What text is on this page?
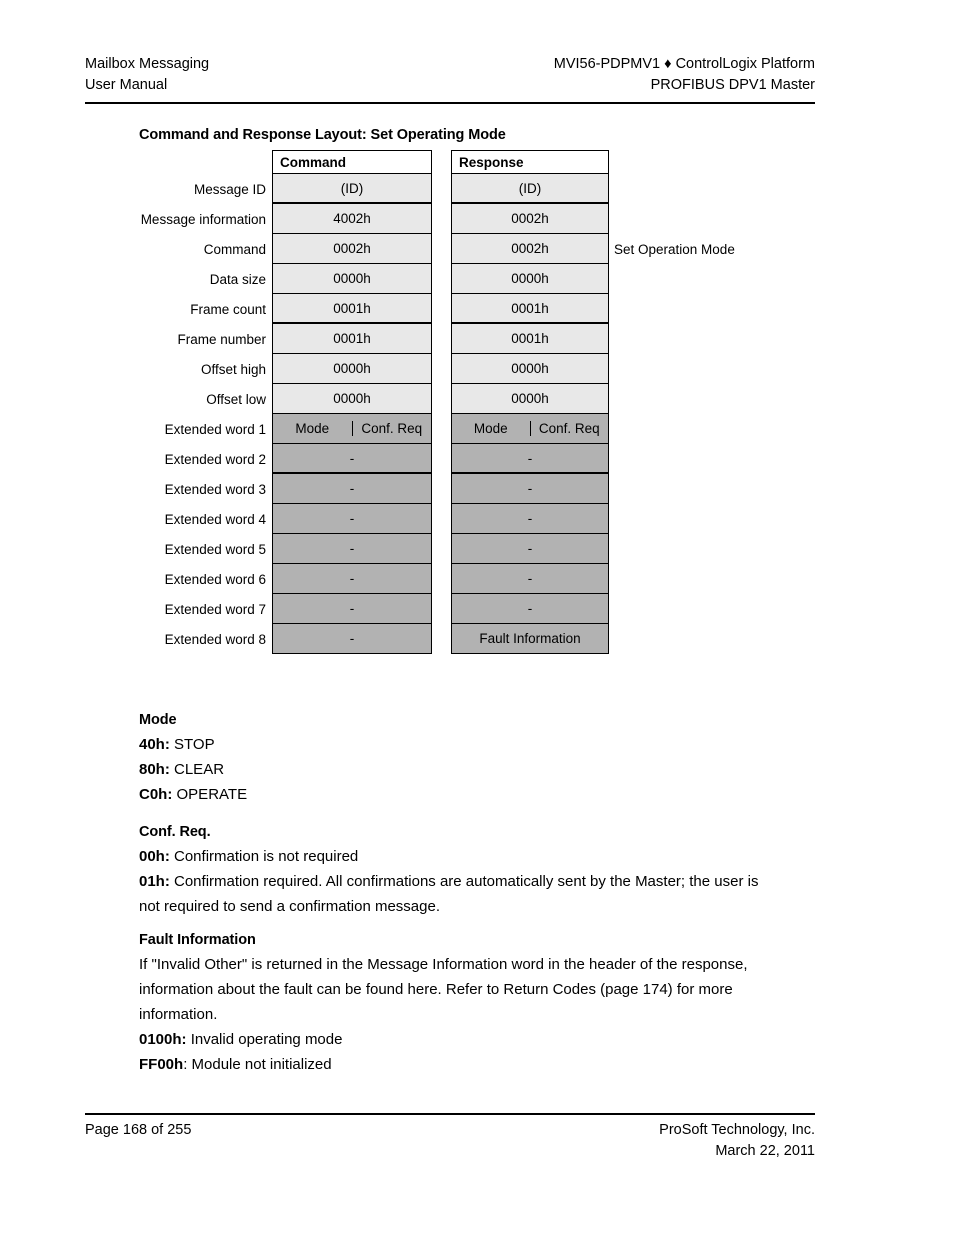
Mailbox Messaging
User Manual
MVI56-PDPMV1 ♦ ControlLogix Platform
PROFIBUS DPV1 Master
Command and Response Layout: Set Operating Mode
Command	Response
Message ID	(ID)	(ID)
Message information	4002h	0002h
Command	0002h	0002h	Set Operation Mode
Data size	0000h	0000h
Frame count	0001h	0001h
Frame number	0001h	0001h
Offset high	0000h	0000h
Offset low	0000h	0000h
Extended word 1	Mode	Conf. Req	Mode	Conf. Req
Extended word 2	-	-
Extended word 3	-	-
Extended word 4	-	-
Extended word 5	-	-
Extended word 6	-	-
Extended word 7	-	-
Extended word 8	-	Fault Information
Mode

40h: STOP

80h: CLEAR

C0h: OPERATE

Conf. Req.

00h: Confirmation is not required

01h: Confirmation required. All confirmations are automatically sent by the Master; the user is not required to send a confirmation message.

Fault Information

If "Invalid Other" is returned in the Message Information word in the header of the response, information about the fault can be found here. Refer to Return Codes (page 174) for more information.

0100h: Invalid operating mode

FF00h: Module not initialized

Page 168 of 255	ProSoft Technology, Inc.
March 22, 2011
